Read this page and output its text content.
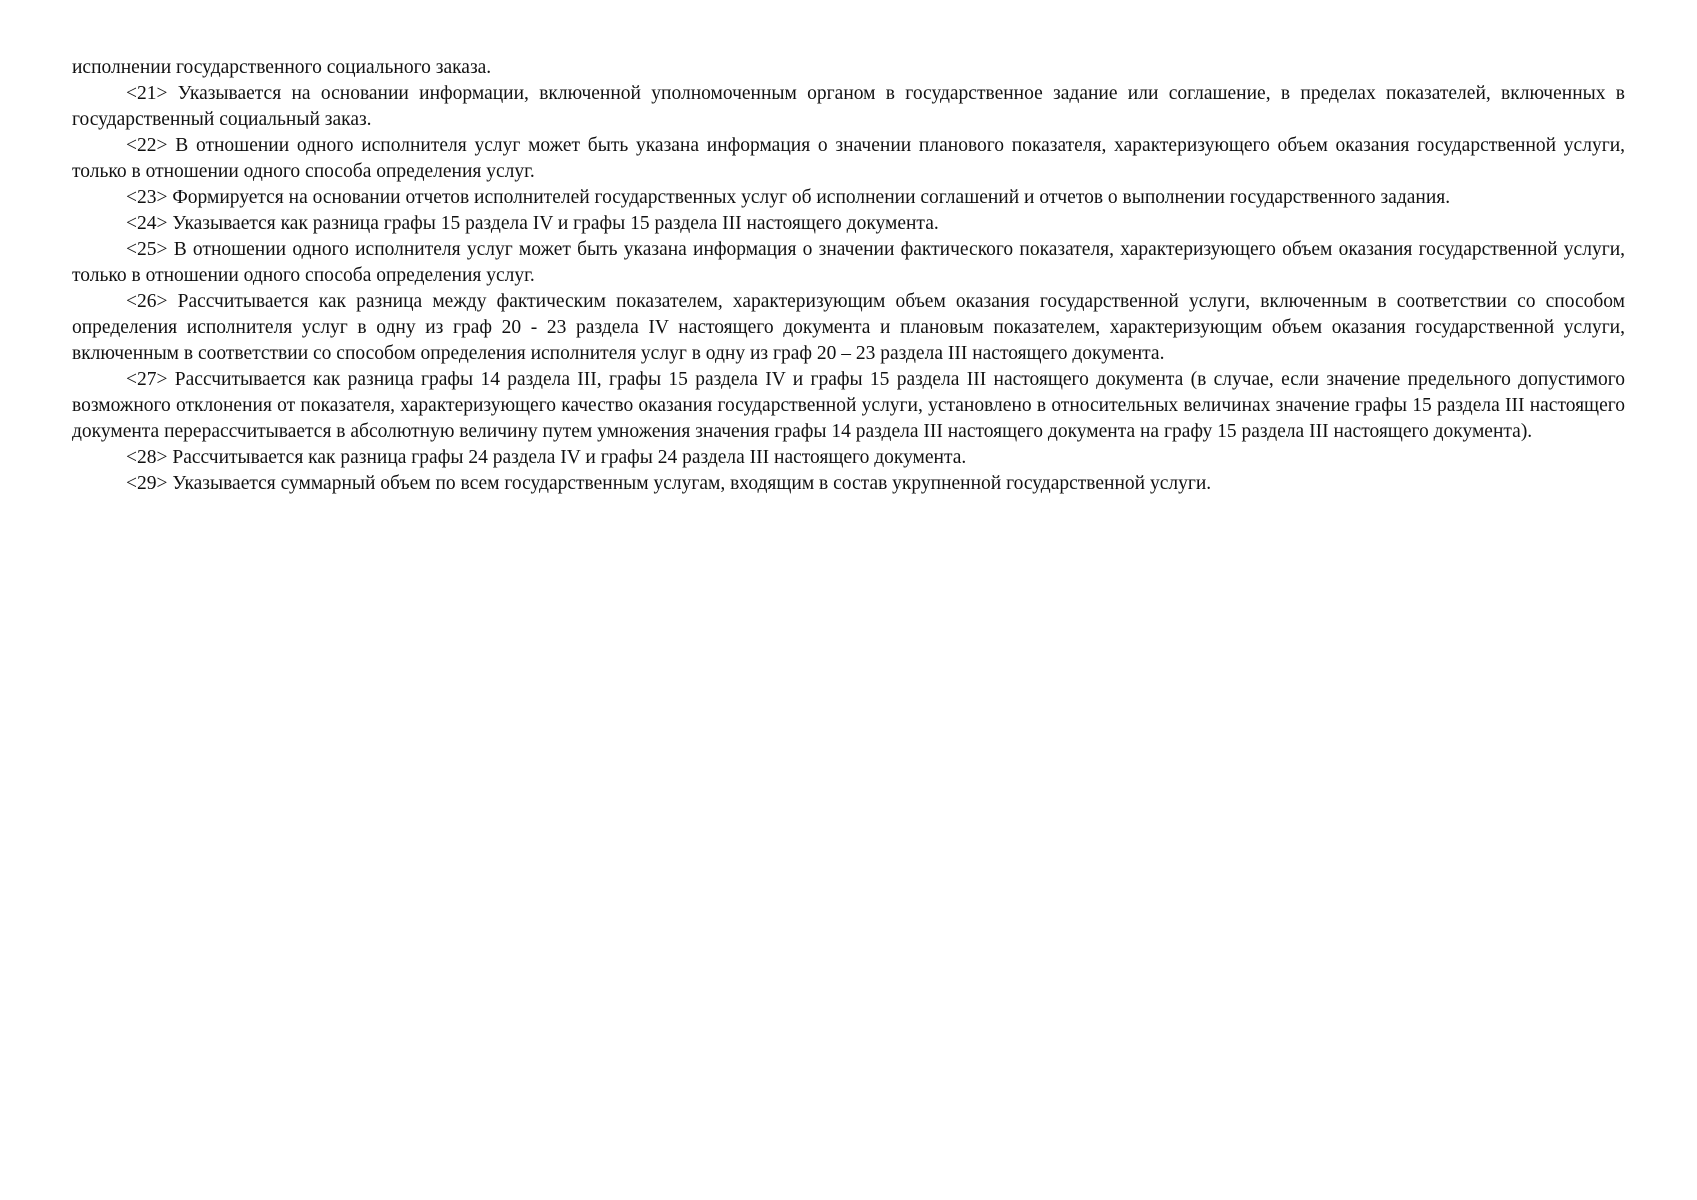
исполнении государственного социального заказа.

<21> Указывается на основании информации, включенной уполномоченным органом в государственное задание или соглашение, в пределах показателей, включенных в государственный социальный заказ.

<22> В отношении одного исполнителя услуг может быть указана информация о значении планового показателя, характеризующего объем оказания государственной услуги, только в отношении одного способа определения услуг.

<23> Формируется на основании отчетов исполнителей государственных услуг об исполнении соглашений и отчетов о выполнении государственного задания.

<24> Указывается как разница графы 15 раздела IV и графы 15 раздела III настоящего документа.

<25> В отношении одного исполнителя услуг может быть указана информация о значении фактического показателя, характеризующего объем оказания государственной услуги, только в отношении одного способа определения услуг.

<26> Рассчитывается как разница между фактическим показателем, характеризующим объем оказания государственной услуги, включенным в соответствии со способом определения исполнителя услуг в одну из граф 20 - 23 раздела IV настоящего документа и плановым показателем, характеризующим объем оказания государственной услуги, включенным в соответствии со способом определения исполнителя услуг в одну из граф 20 – 23 раздела III настоящего документа.

<27> Рассчитывается как разница графы 14 раздела III, графы 15 раздела IV и графы 15 раздела III настоящего документа (в случае, если значение предельного допустимого возможного отклонения от показателя, характеризующего качество оказания государственной услуги, установлено в относительных величинах значение графы 15 раздела III настоящего документа перерассчитывается в абсолютную величину путем умножения значения графы 14 раздела III настоящего документа на графу 15 раздела III настоящего документа).

<28> Рассчитывается как разница графы 24 раздела IV и графы 24 раздела III настоящего документа.

<29> Указывается суммарный объем по всем государственным услугам, входящим в состав укрупненной государственной услуги.
